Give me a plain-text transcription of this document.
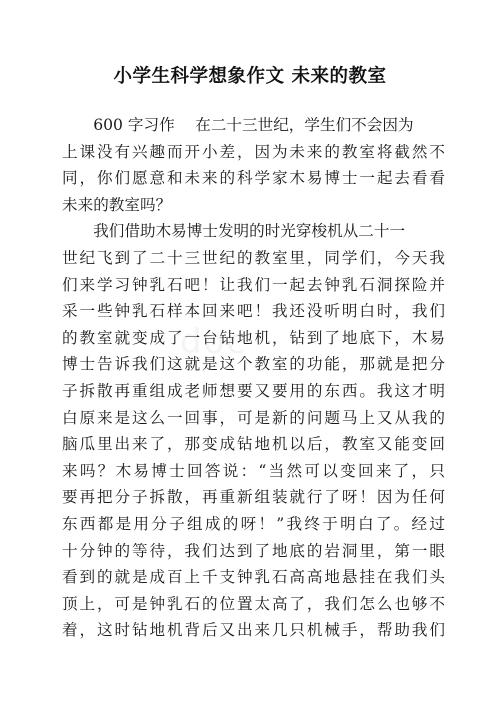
小学生科学想象作文 未来的教室
　　600 字习作　 在二十三世纪，学生们不会因为
上课没有兴趣而开小差，因为未来的教室将截然不
同，你们愿意和未来的科学家木易博士一起去看看
未来的教室吗？
　　我们借助木易博士发明的时光穿梭机从二十一
世纪飞到了二十三世纪的教室里，同学们，今天我
们来学习钟乳石吧！让我们一起去钟乳石洞探险并
采一些钟乳石样本回来吧！我还没听明白时，我们
的教室就变成了一台钻地机，钻到了地底下，木易
博士告诉我们这就是这个教室的功能，那就是把分
子拆散再重组成老师想要又要用的东西。我这才明
白原来是这么一回事，可是新的问题马上又从我的
脑瓜里出来了，那变成钻地机以后，教室又能变回
来吗？木易博士回答说：“当然可以变回来了，只
要再把分子拆散，再重新组装就行了呀！因为任何
东西都是用分子组成的呀！”我终于明白了。经过
十分钟的等待，我们达到了地底的岩洞里，第一眼
看到的就是成百上千支钟乳石高高地悬挂在我们头
顶上，可是钟乳石的位置太高了，我们怎么也够不
着，这时钻地机背后又出来几只机械手，帮助我们
